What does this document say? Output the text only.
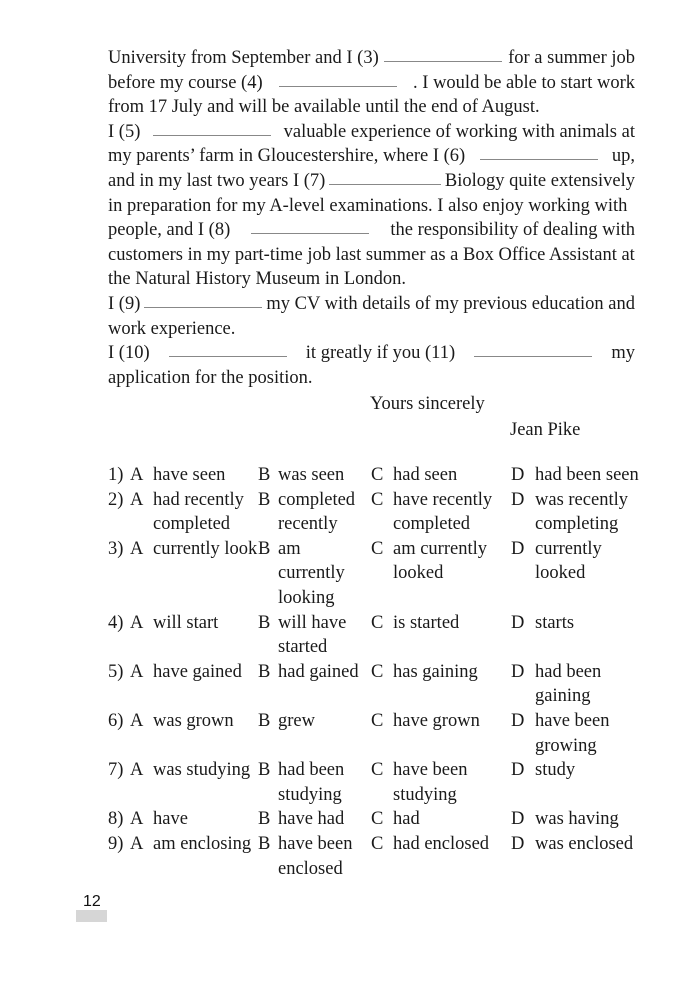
University from September and I (3)	for a summer job
before my course (4)	. I would be able to start work
from 17 July and will be available until the end of August.
I (5)	valuable experience of working with animals at
my parents’ farm in Gloucestershire, where I (6)	up,
and in my last two years I (7)	Biology quite extensively
in preparation for my A-level examinations. I also enjoy working with
people, and I (8)	the responsibility of dealing with
customers in my part-time job last summer as a Box Office Assistant at
the Natural History Museum in London.
I (9)	my CV with details of my previous education and
work experience.
I (10)	it greatly if you (11)	my
application for the position.
Yours sincerely
Jean Pike
1) A have seen	B was seen	C had seen	D had been seen
2) A had recently completed
B completed recently
C have recently completed
D was recently completing
3) A currently look B am currently looking
C am currently looked
D currently looked
4) A will start	B will have started
C is started	D starts
5) A have gained B had gained C has gaining	D had been gaining
6) A was grown	B grew	C have grown	D have been growing
7) A was studying B had been studying
C have been studying
D study
8) A have	B have had	C had	D was having
9) A am enclosing B have been enclosed
C had enclosed	D was enclosed
12
